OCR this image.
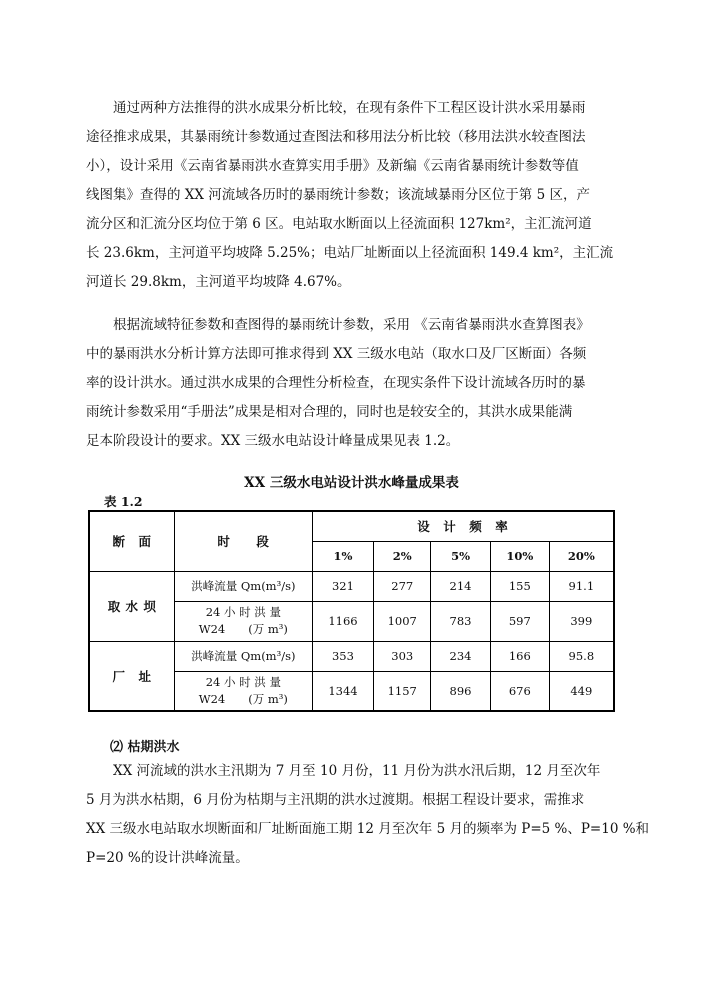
通过两种方法推得的洪水成果分析比较，在现有条件下工程区设计洪水采用暴雨
途径推求成果，其暴雨统计参数通过查图法和移用法分析比较（移用法洪水较查图法
小），设计采用《云南省暴雨洪水查算实用手册》及新编《云南省暴雨统计参数等值
线图集》查得的 XX 河流域各历时的暴雨统计参数；该流域暴雨分区位于第 5 区，产
流分区和汇流分区均位于第 6 区。电站取水断面以上径流面积 127km²，主汇流河道
长 23.6km，主河道平均坡降 5.25%；电站厂址断面以上径流面积 149.4 km²，主汇流
河道长 29.8km，主河道平均坡降 4.67%。
根据流域特征参数和查图得的暴雨统计参数，采用 《云南省暴雨洪水查算图表》
中的暴雨洪水分析计算方法即可推求得到 XX 三级水电站（取水口及厂区断面）各频
率的设计洪水。通过洪水成果的合理性分析检查，在现实条件下设计流域各历时的暴
雨统计参数采用“手册法”成果是相对合理的，同时也是较安全的，其洪水成果能满
足本阶段设计的要求。XX 三级水电站设计峰量成果见表 1.2。
XX 三级水电站设计洪水峰量成果表
表 1.2
断　面	时　　段	设　计　频　率				
		1%	2%	5%	10%	20%
取 水 坝	洪峰流量 Qm(m³/s)	321	277	214	155	91.1

	24 小 时 洪 量
W24　　(万 m³)	1166	1007	783	597	399
厂　址	洪峰流量 Qm(m³/s)	353	303	234	166	95.8

	24 小 时 洪 量
W24　　(万 m³)	1344	1157	896	676	449
⑵ 枯期洪水
XX 河流域的洪水主汛期为 7 月至 10 月份，11 月份为洪水汛后期，12 月至次年
5 月为洪水枯期，6 月份为枯期与主汛期的洪水过渡期。根据工程设计要求，需推求
XX 三级水电站取水坝断面和厂址断面施工期 12 月至次年 5 月的频率为 P=5 %、P=10 %和
P=20 %的设计洪峰流量。
